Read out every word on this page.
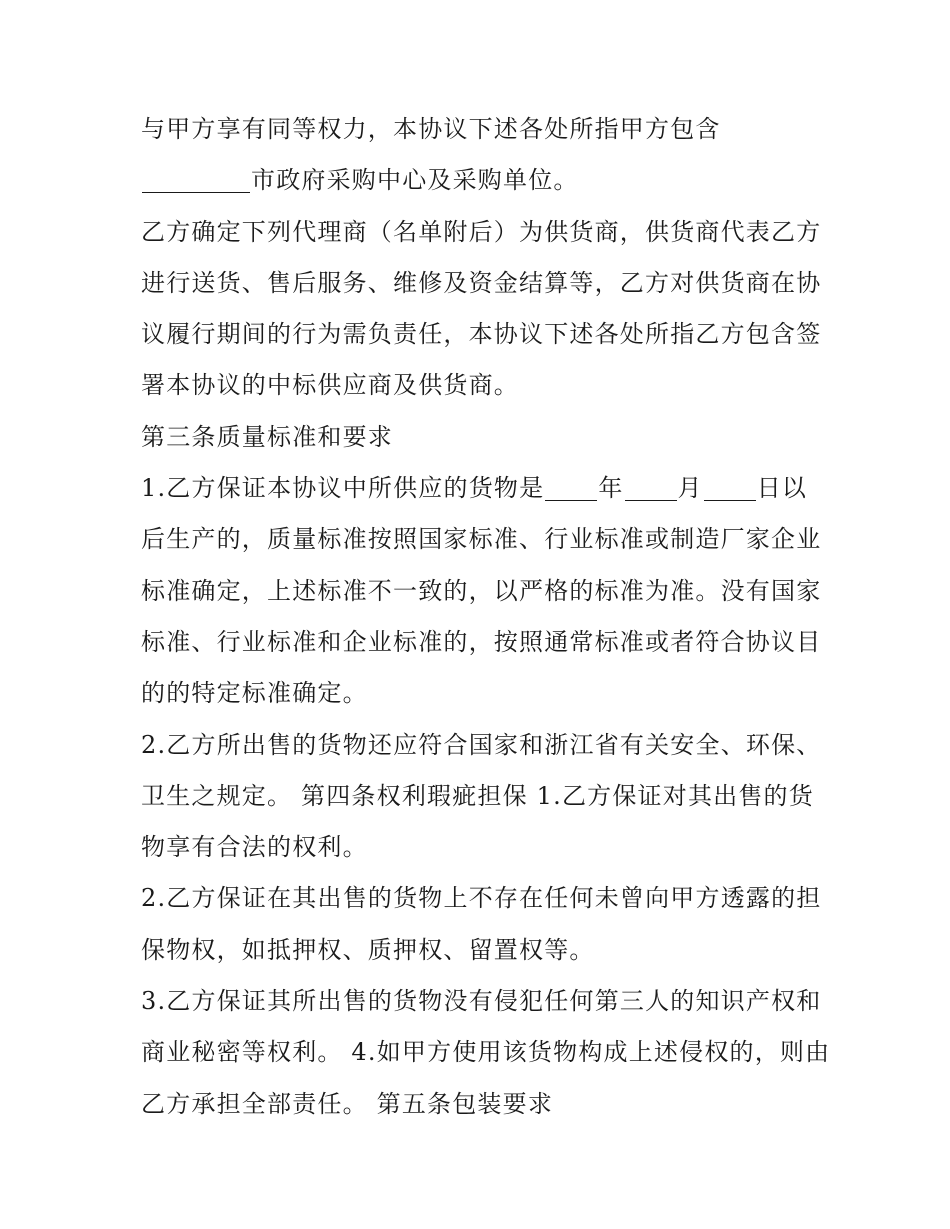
与甲方享有同等权力，本协议下述各处所指甲方包含
市政府采购中心及采购单位。
乙方确定下列代理商（名单附后）为供货商，供货商代表乙方
进行送货、售后服务、维修及资金结算等，乙方对供货商在协
议履行期间的行为需负责任，本协议下述各处所指乙方包含签
署本协议的中标供应商及供货商。
第三条质量标准和要求
1.乙方保证本协议中所供应的货物是 年 月 日以
后生产的，质量标准按照国家标准、行业标准或制造厂家企业
标准确定，上述标准不一致的，以严格的标准为准。没有国家
标准、行业标准和企业标准的，按照通常标准或者符合协议目
的的特定标准确定。
2.乙方所出售的货物还应符合国家和浙江省有关安全、环保、
卫生之规定。 第四条权利瑕疵担保 1.乙方保证对其出售的货
物享有合法的权利。
2.乙方保证在其出售的货物上不存在任何未曾向甲方透露的担
保物权，如抵押权、质押权、留置权等。
3.乙方保证其所出售的货物没有侵犯任何第三人的知识产权和
商业秘密等权利。 4.如甲方使用该货物构成上述侵权的，则由
乙方承担全部责任。 第五条包装要求
